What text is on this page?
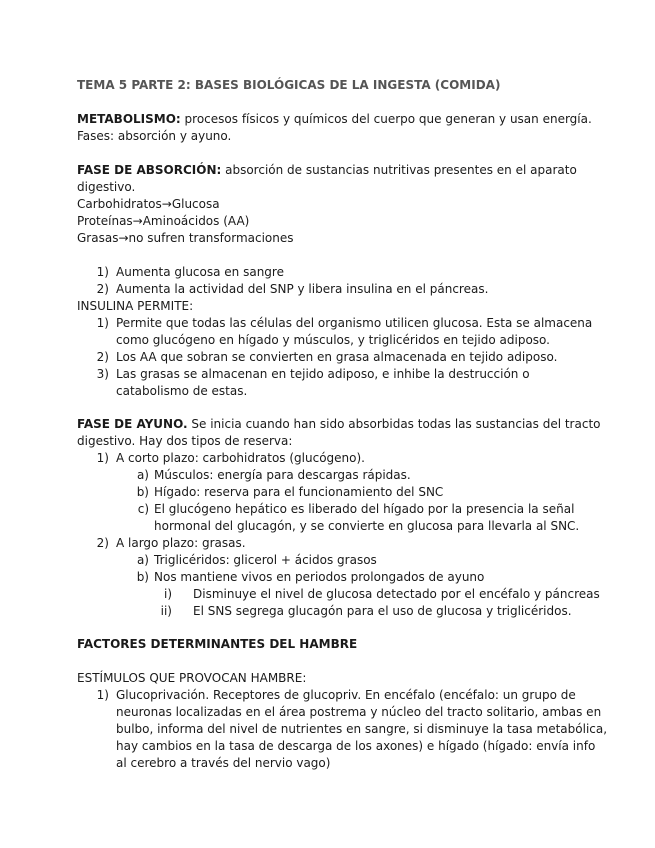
TEMA 5 PARTE 2: BASES BIOLÓGICAS DE LA INGESTA (COMIDA)
METABOLISMO: procesos físicos y químicos del cuerpo que generan y usan energía.
Fases: absorción y ayuno.
FASE DE ABSORCIÓN: absorción de sustancias nutritivas presentes en el aparato
digestivo.
Carbohidratos→Glucosa
Proteínas→Aminoácidos (AA)
Grasas→no sufren transformaciones
1) Aumenta glucosa en sangre
2) Aumenta la actividad del SNP y libera insulina en el páncreas.
INSULINA PERMITE:
1) Permite que todas las células del organismo utilicen glucosa. Esta se almacena
como glucógeno en hígado y músculos, y triglicéridos en tejido adiposo.
2) Los AA que sobran se convierten en grasa almacenada en tejido adiposo.
3) Las grasas se almacenan en tejido adiposo, e inhibe la destrucción o
catabolismo de estas.
FASE DE AYUNO. Se inicia cuando han sido absorbidas todas las sustancias del tracto
digestivo. Hay dos tipos de reserva:
1) A corto plazo: carbohidratos (glucógeno).
a) Músculos: energía para descargas rápidas.
b) Hígado: reserva para el funcionamiento del SNC
c) El glucógeno hepático es liberado del hígado por la presencia la señal
hormonal del glucagón, y se convierte en glucosa para llevarla al SNC.
2) A largo plazo: grasas.
a) Triglicéridos: glicerol + ácidos grasos
b) Nos mantiene vivos en periodos prolongados de ayuno
i) Disminuye el nivel de glucosa detectado por el encéfalo y páncreas
ii) El SNS segrega glucagón para el uso de glucosa y triglicéridos.
FACTORES DETERMINANTES DEL HAMBRE
ESTÍMULOS QUE PROVOCAN HAMBRE:
1) Glucoprivación. Receptores de glucopriv. En encéfalo (encéfalo: un grupo de
neuronas localizadas en el área postrema y núcleo del tracto solitario, ambas en
bulbo, informa del nivel de nutrientes en sangre, si disminuye la tasa metabólica,
hay cambios en la tasa de descarga de los axones) e hígado (hígado: envía info
al cerebro a través del nervio vago)
